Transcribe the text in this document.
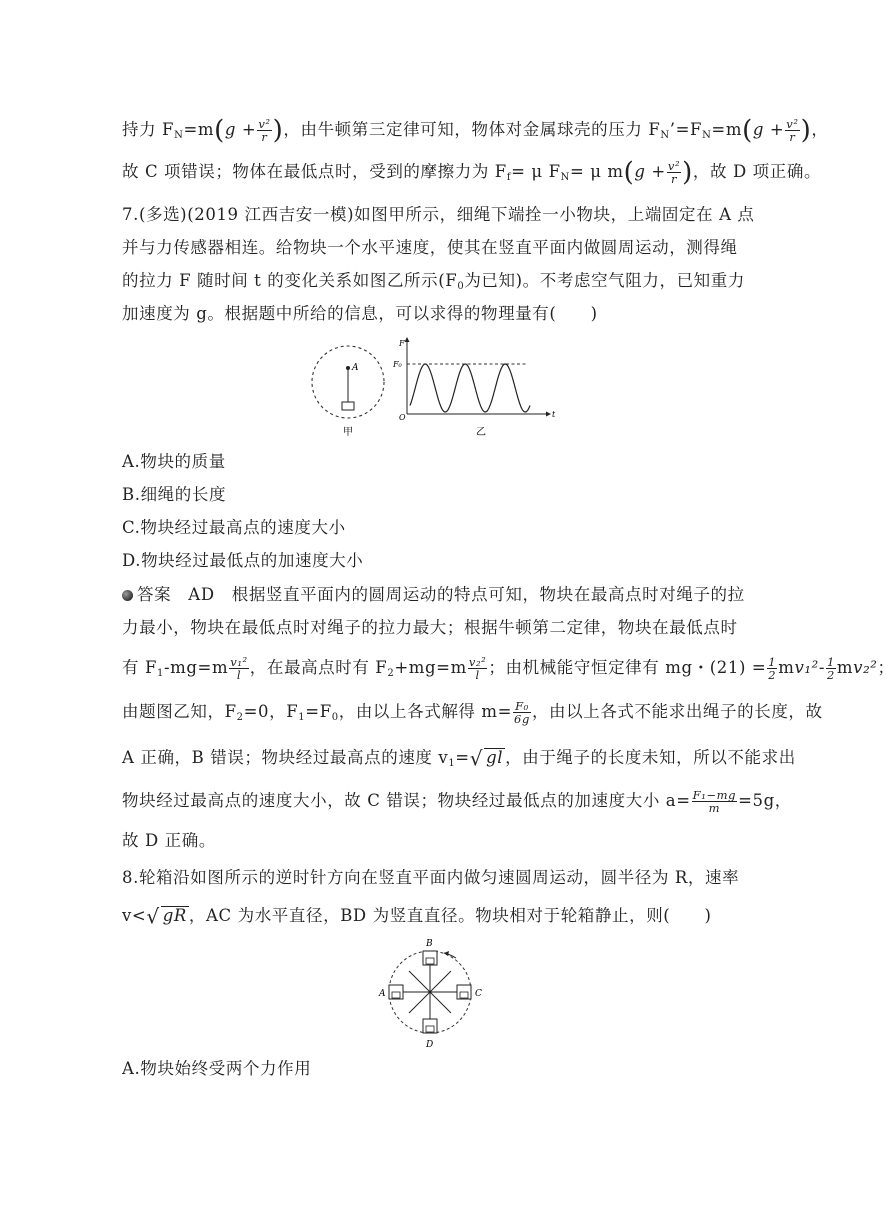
持力 $F_N=m(g + \frac{\text{v²}}{r}$ )，由牛顿第三定律可知，物体对金属球壳的压力 $F_N’=F_N=m(g + \frac{\text{v²}}{r}$ )，
故 C 项错误；物体在最低点时，受到的摩擦力为 $F_f= \mu$ $F_N= \mu$ $m(g + \frac{\text{v²}}{r}$ )，故 D 项正确。
7.(多选)(2019 江西吉安一模)如图甲所示，细绳下端拴一小物块，上端固定在 A 点
并与力传感器相连。给物块一个水平速度，使其在竖直平面内做圆周运动，测得绳
的拉力 F 随时间 t 的变化关系如图乙所示($F_0$为已知)。不考虑空气阻力，已知重力
加速度为 g。根据题中所给的信息，可以求得的物理量有(　　)
A
甲
F
t
O
F₀
乙
A.物块的质量
B.细绳的长度
C.物块经过最高点的速度大小
D.物块经过最低点的加速度大小
答案　AD　根据竖直平面内的圆周运动的特点可知，物块在最高点时对绳子的拉
力最小，物块在最低点时对绳子的拉力最大；根据牛顿第二定律，物块在最低点时
有 $F_1-mg=m \frac{\text{v₁²}}{l}$ ，在最高点时有 $F_2+mg=m \frac{\text{v₂²}}{l}$ ；由机械能守恒定律有 mg・$(21) = \frac{1}{2} mv_1^2- \frac{1}{2} mv_2^2$；
由题图乙知，$F_2=0$，$F_1=F_0$，由以上各式解得 $m= \frac{\text{F₀}}{6g}$ ，由以上各式不能求出绳子的长度，故
A 正确，B 错误；物块经过最高点的速度 $v_1=√$ gl ，由于绳子的长度未知，所以不能求出
物块经过最高点的速度大小，故 C 错误；物块经过最低点的加速度大小 $a= \frac{\text{F₁−mg}}{m} =5g$，
故 D 正确。
8.轮箱沿如图所示的逆时针方向在竖直平面内做匀速圆周运动，圆半径为 R，速率
v<√ gR ，AC 为水平直径，BD 为竖直直径。物块相对于轮箱静止，则(　　)
B
D
A	C
A.物块始终受两个力作用
